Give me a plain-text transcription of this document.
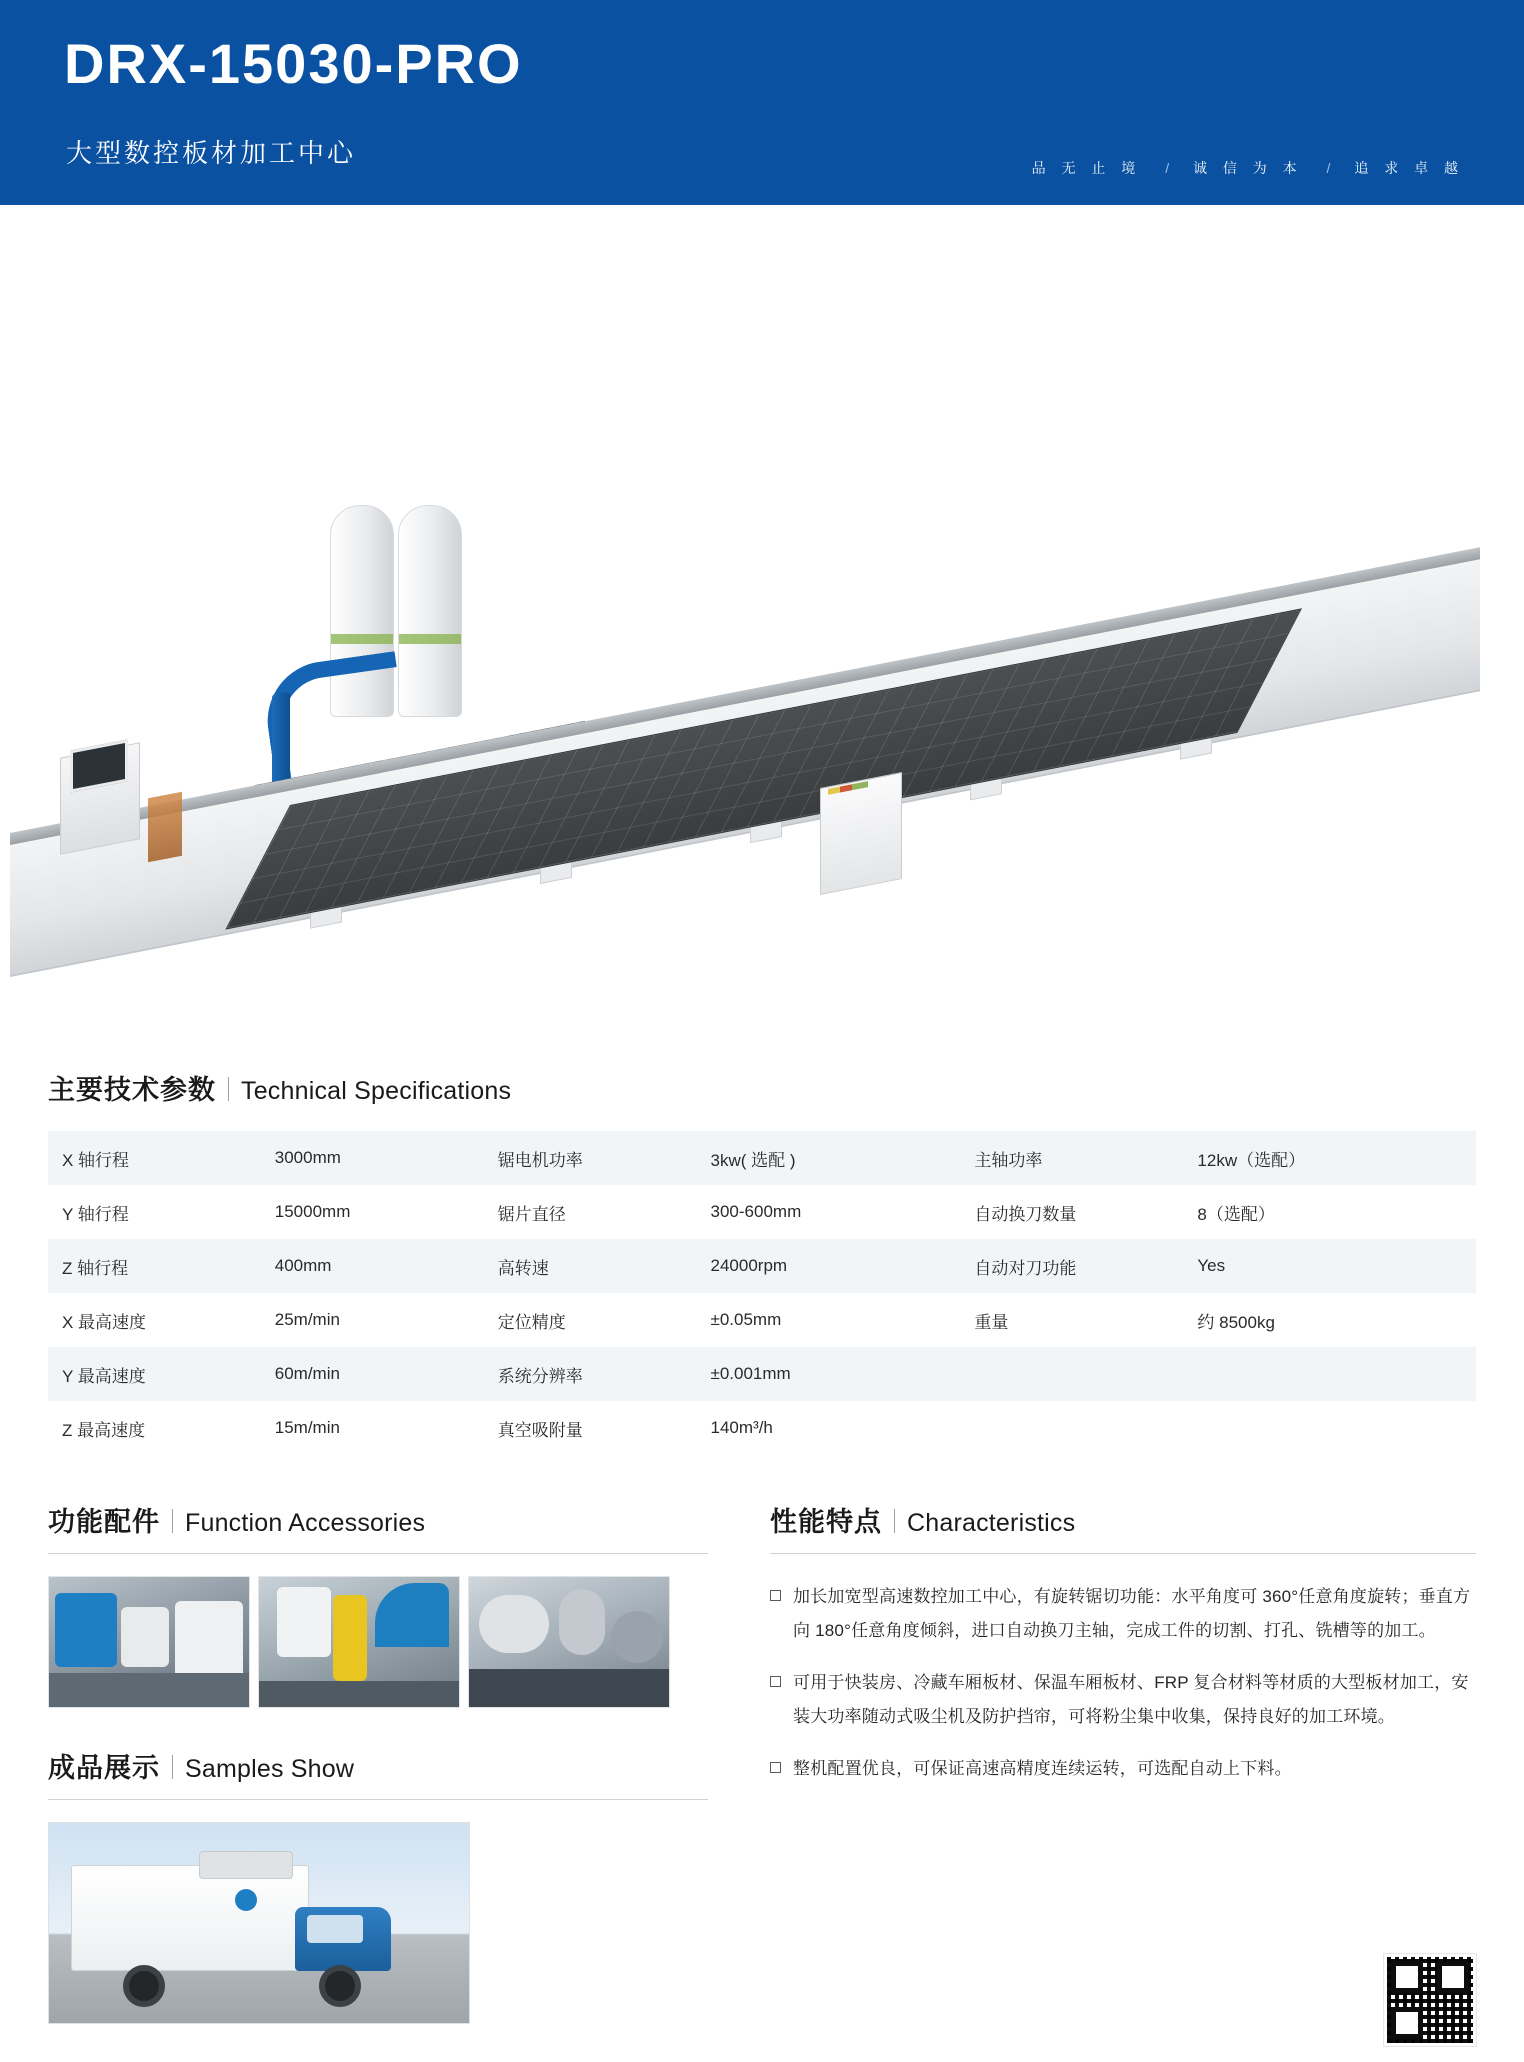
DRX-15030-PRO
大型数控板材加工中心	品 无 止 境 / 诚 信 为 本 / 追 求 卓 越
主要技术参数 Technical Specifications
X 轴行程	3000mm	锯电机功率	3kw( 选配 )	主轴功率	12kw（选配）
Y 轴行程	15000mm	锯片直径	300-600mm	自动换刀数量	8（选配）
Z 轴行程	400mm	高转速	24000rpm	自动对刀功能	Yes
X 最高速度	25m/min	定位精度	±0.05mm	重量	约 8500kg
Y 最高速度	60m/min	系统分辨率	±0.001mm		
Z 最高速度	15m/min	真空吸附量	140m³/h		
功能配件 Function Accessories
成品展示 Samples Show
性能特点 Characteristics
加长加宽型高速数控加工中心，有旋转锯切功能：水平角度可 360°任意角度旋转；垂直方向 180°任意角度倾斜，进口自动换刀主轴，完成工件的切割、打孔、铣槽等的加工。
可用于快装房、冷藏车厢板材、保温车厢板材、FRP 复合材料等材质的大型板材加工，安装大功率随动式吸尘机及防护挡帘，可将粉尘集中收集，保持良好的加工环境。
整机配置优良，可保证高速高精度连续运转，可选配自动上下料。
